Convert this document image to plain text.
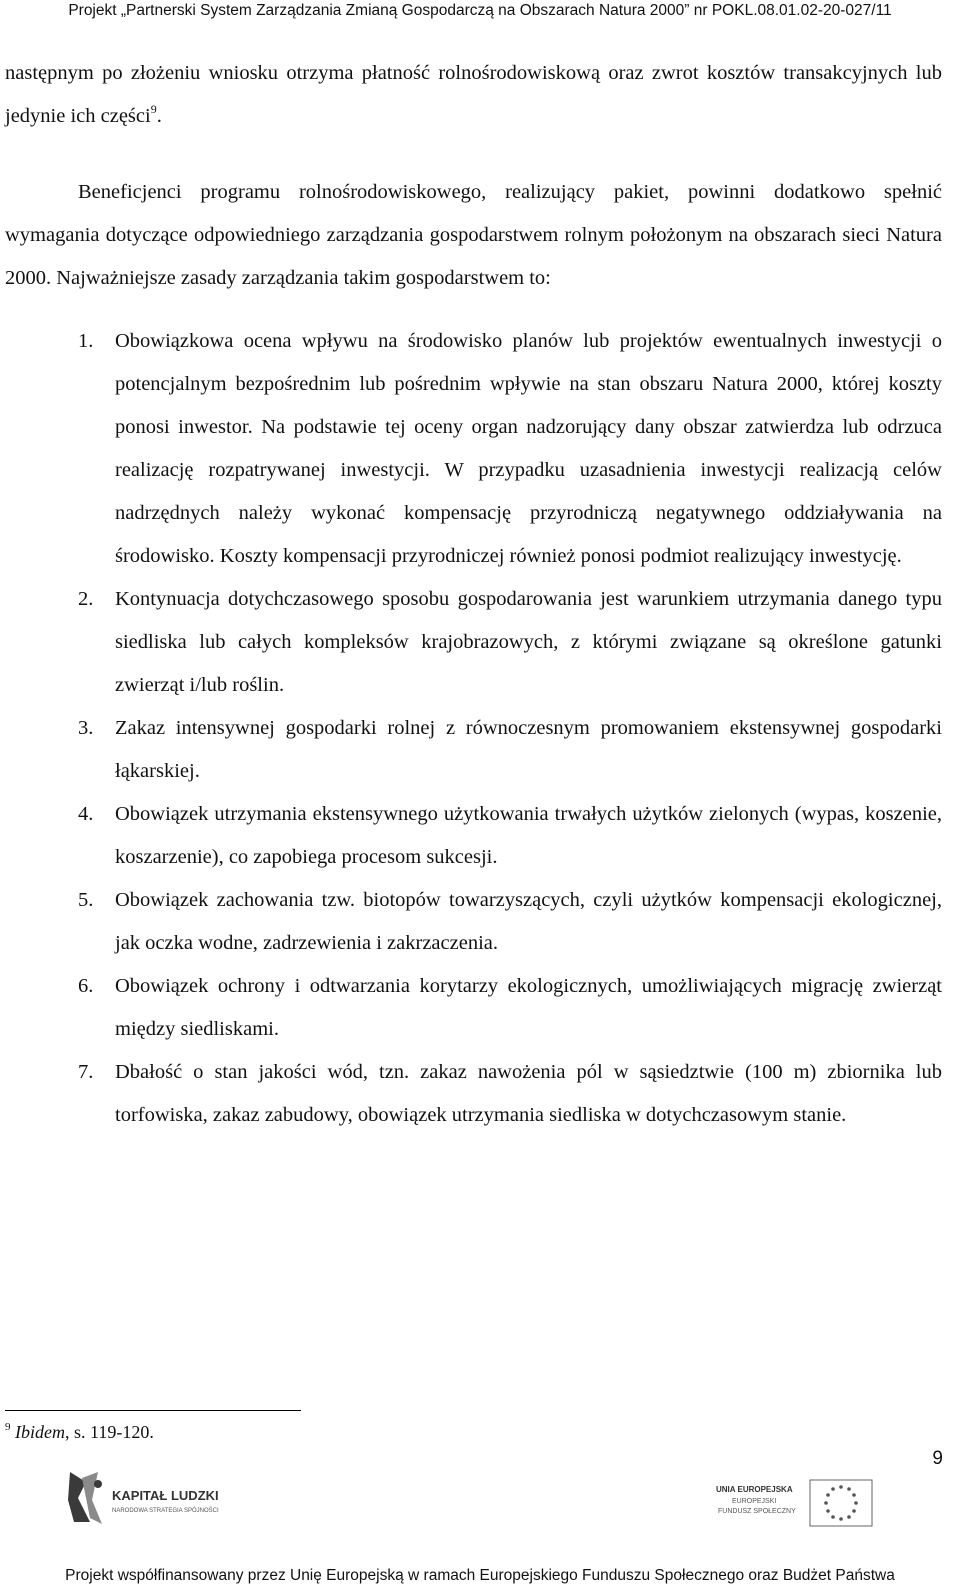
Projekt „Partnerski System Zarządzania Zmianą Gospodarczą na Obszarach Natura 2000” nr POKL.08.01.02-20-027/11

następnym po złożeniu wniosku otrzyma płatność rolnośrodowiskową oraz zwrot kosztów transakcyjnych lub jedynie ich części$^9$.

Beneficjenci programu rolnośrodowiskowego, realizujący pakiet, powinni dodatkowo spełnić wymagania dotyczące odpowiedniego zarządzania gospodarstwem rolnym położonym na obszarach sieci Natura 2000. Najważniejsze zasady zarządzania takim gospodarstwem to:

1. Obowiązkowa ocena wpływu na środowisko planów lub projektów ewentualnych inwestycji o potencjalnym bezpośrednim lub pośrednim wpływie na stan obszaru Natura 2000, której koszty ponosi inwestor. Na podstawie tej oceny organ nadzorujący dany obszar zatwierdza lub odrzuca realizację rozpatrywanej inwestycji. W przypadku uzasadnienia inwestycji realizacją celów nadrzędnych należy wykonać kompensację przyrodniczą negatywnego oddziaływania na środowisko. Koszty kompensacji przyrodniczej również ponosi podmiot realizujący inwestycję.
2. Kontynuacja dotychczasowego sposobu gospodarowania jest warunkiem utrzymania danego typu siedliska lub całych kompleksów krajobrazowych, z którymi związane są określone gatunki zwierząt i/lub roślin.
3. Zakaz intensywnej gospodarki rolnej z równoczesnym promowaniem ekstensywnej gospodarki łąkarskiej.
4. Obowiązek utrzymania ekstensywnego użytkowania trwałych użytków zielonych (wypas, koszenie, koszarzenie), co zapobiega procesom sukcesji.
5. Obowiązek zachowania tzw. biotopów towarzyszących, czyli użytków kompensacji ekologicznej, jak oczka wodne, zadrzewienia i zakrzaczenia.
6. Obowiązek ochrony i odtwarzania korytarzy ekologicznych, umożliwiających migrację zwierząt między siedliskami.
7. Dbałość o stan jakości wód, tzn. zakaz nawożenia pól w sąsiedztwie (100 m) zbiornika lub torfowiska, zakaz zabudowy, obowiązek utrzymania siedliska w dotychczasowym stanie.
$^9$ Ibidem, s. 119-120.
9
KAPITAŁ LUDZKI
NARODOWA STRATEGIA SPÓJNOŚCI
UNIA EUROPEJSKA
EUROPEJSKI
FUNDUSZ SPOŁECZNY
Projekt współfinansowany przez Unię Europejską w ramach Europejskiego Funduszu Społecznego oraz Budżet Państwa
